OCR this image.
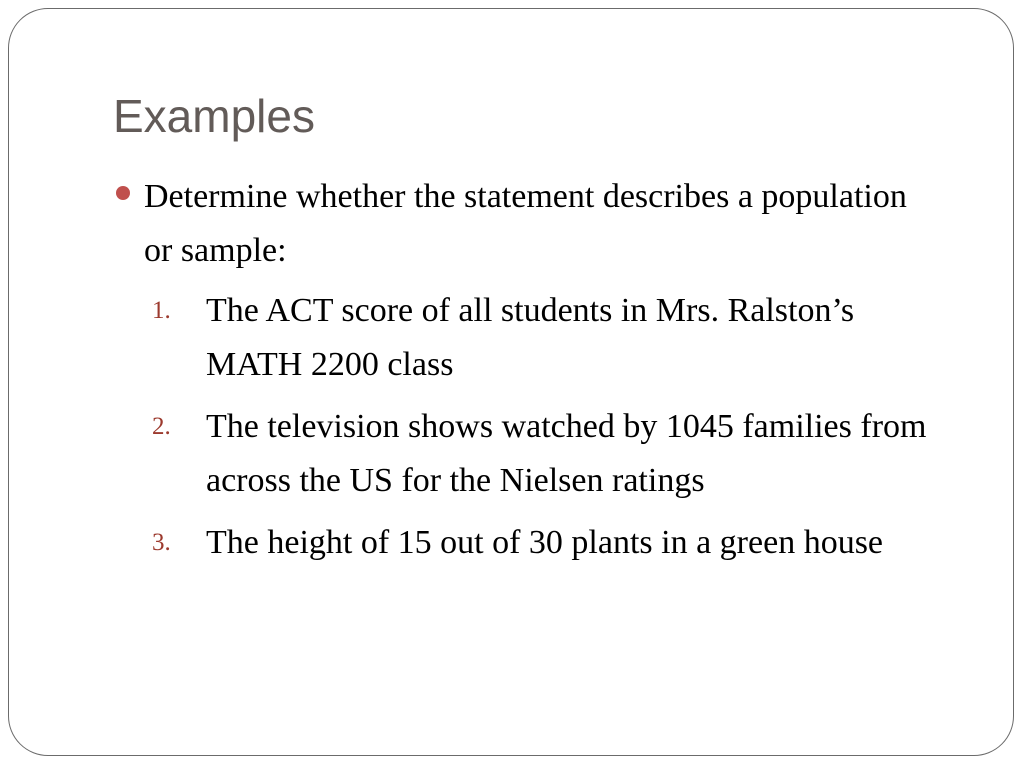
Examples
Determine whether the statement describes a population or sample:
1. The ACT score of all students in Mrs. Ralston’s MATH 2200 class
2. The television shows watched by 1045 families from across the US for the Nielsen ratings
3. The height of 15 out of 30 plants in a green house
